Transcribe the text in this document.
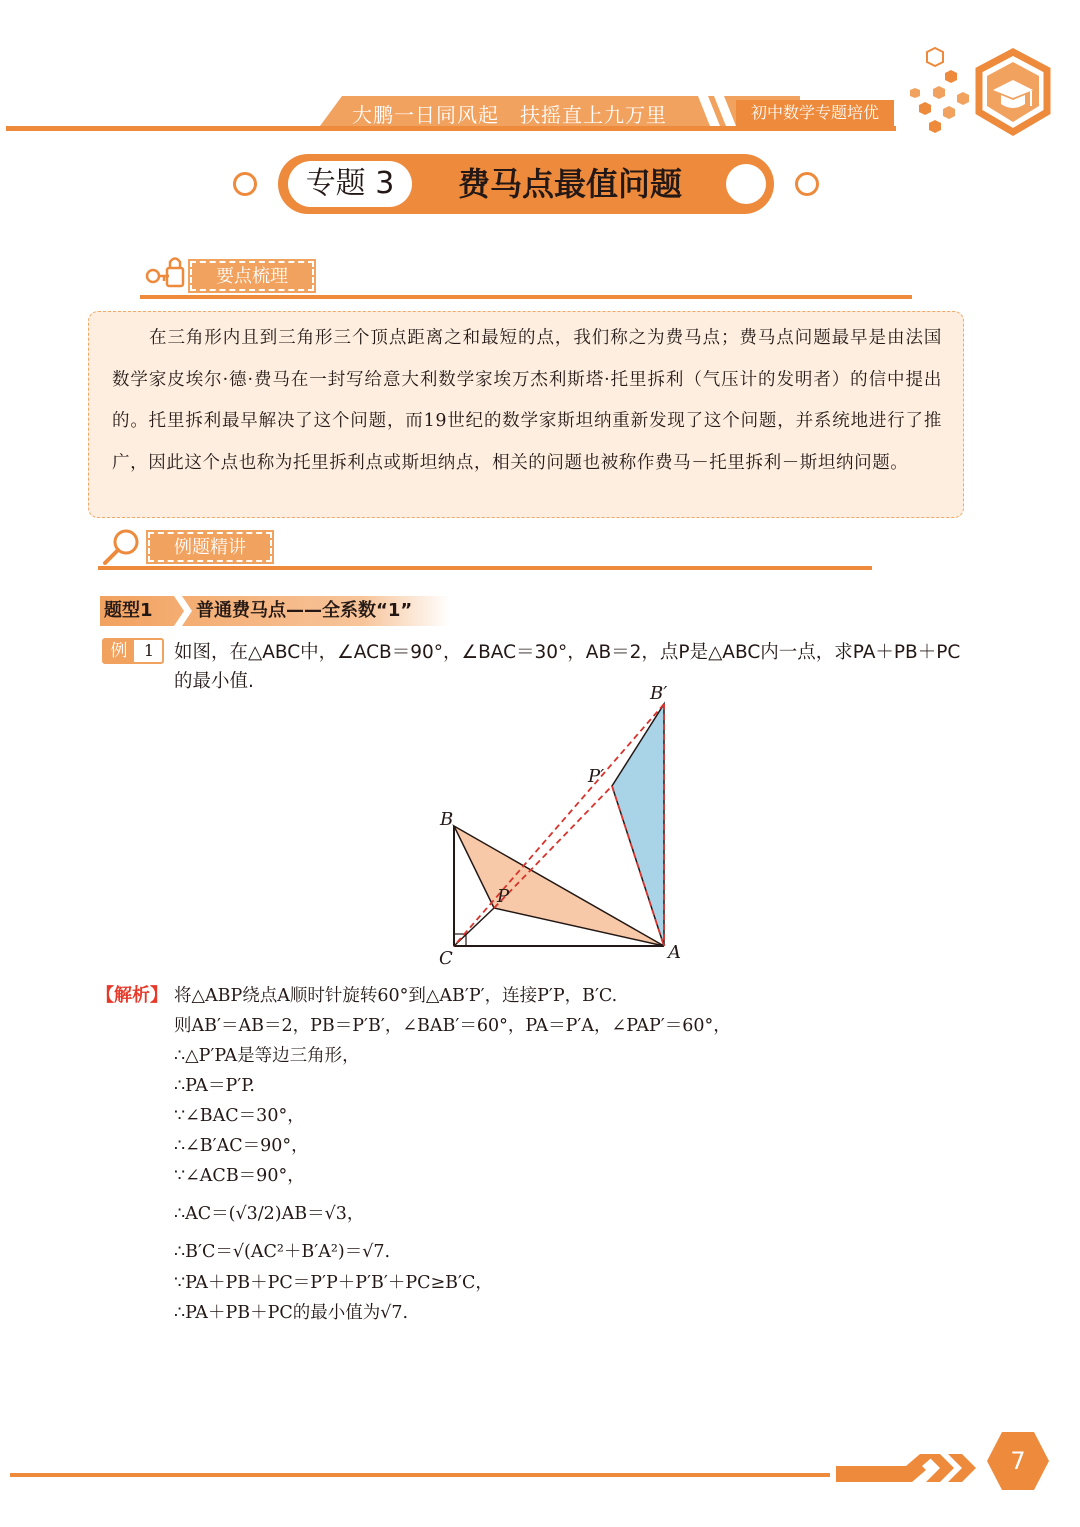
大鹏一日同风起　扶摇直上九万里	初中数学专题培优
专题 3	费马点最值问题
要点梳理
在三角形内且到三角形三个顶点距离之和最短的点，我们称之为费马点；费马点问题最早是由法国数学家皮埃尔·德·费马在一封写给意大利数学家埃万杰利斯塔·托里拆利（气压计的发明者）的信中提出的。托里拆利最早解决了这个问题，而19世纪的数学家斯坦纳重新发现了这个问题，并系统地进行了推广，因此这个点也称为托里拆利点或斯坦纳点，相关的问题也被称作费马－托里拆利－斯坦纳问题。
例题精讲
题型1 普通费马点——全系数“1”
例	1	如图，在△ABC中，∠ACB＝90°，∠BAC＝30°，AB＝2，点P是△ABC内一点，求PA＋PB＋PC的最小值.
B′
P′
B
P
C	A
【解析】 将△ABP绕点A顺时针旋转60°到△AB′P′，连接P′P，B′C.
则AB′＝AB＝2，PB＝P′B′，∠BAB′＝60°，PA＝P′A，∠PAP′＝60°，
∴△P′PA是等边三角形，
∴PA＝P′P.
∵∠BAC＝30°，
∴∠B′AC＝90°，
∵∠ACB＝90°，
∴AC＝(√3/2)AB＝√3，
∴B′C＝√(AC²＋B′A²)＝√7.
∵PA＋PB＋PC＝P′P＋P′B′＋PC≥B′C，
∴PA＋PB＋PC的最小值为√7.
7
